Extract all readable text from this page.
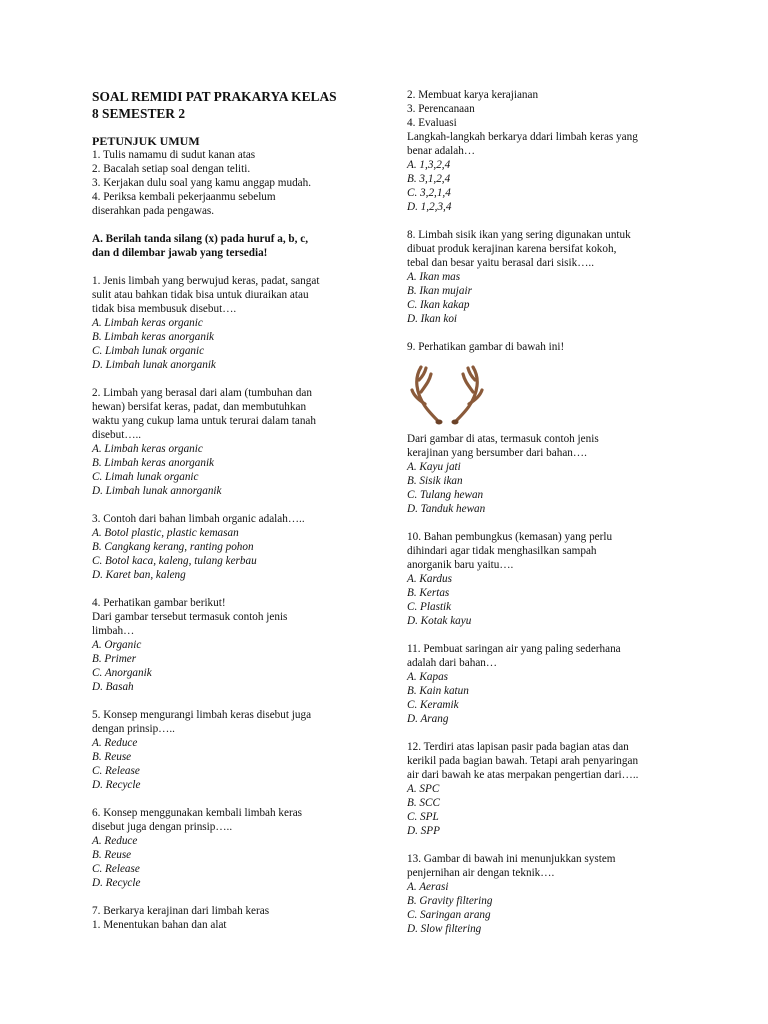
SOAL REMIDI PAT PRAKARYA KELAS
8 SEMESTER 2
PETUNJUK UMUM
1. Tulis namamu di sudut kanan atas
2. Bacalah setiap soal dengan teliti.
3. Kerjakan dulu soal yang kamu anggap mudah.
4. Periksa kembali pekerjaanmu sebelum
diserahkan pada pengawas.
A. Berilah tanda silang (x) pada huruf a, b, c,
dan d dilembar jawab yang tersedia!
1. Jenis limbah yang berwujud keras, padat, sangat
sulit atau bahkan tidak bisa untuk diuraikan atau
tidak bisa membusuk disebut….
A. Limbah keras organic
B. Limbah keras anorganik
C. Limbah lunak organic
D. Limbah lunak anorganik
2. Limbah yang berasal dari alam (tumbuhan dan
hewan) bersifat keras, padat, dan membutuhkan
waktu yang cukup lama untuk terurai dalam tanah
disebut…..
A. Limbah keras organic
B. Limbah keras anorganik
C. Limah lunak organic
D. Limbah lunak annorganik
3. Contoh dari bahan limbah organic adalah…..
A. Botol plastic, plastic kemasan
B. Cangkang kerang, ranting pohon
C. Botol kaca, kaleng, tulang kerbau
D. Karet ban, kaleng
4. Perhatikan gambar berikut!
Dari gambar tersebut termasuk contoh jenis
limbah…
A. Organic
B. Primer
C. Anorganik
D. Basah
5. Konsep mengurangi limbah keras disebut juga
dengan prinsip…..
A. Reduce
B. Reuse
C. Release
D. Recycle
6. Konsep menggunakan kembali limbah keras
disebut juga dengan prinsip…..
A. Reduce
B. Reuse
C. Release
D. Recycle
7. Berkarya kerajinan dari limbah keras
1. Menentukan bahan dan alat
2. Membuat karya kerajianan
3. Perencanaan
4. Evaluasi
Langkah-langkah berkarya ddari limbah keras yang
benar adalah…
A. 1,3,2,4
B. 3,1,2,4
C. 3,2,1,4
D. 1,2,3,4
8. Limbah sisik ikan yang sering digunakan untuk
dibuat produk kerajinan karena bersifat kokoh,
tebal dan besar yaitu berasal dari sisik…..
A. Ikan mas
B. Ikan mujair
C. Ikan kakap
D. Ikan koi
9. Perhatikan gambar di bawah ini!
Dari gambar di atas, termasuk contoh jenis
kerajinan yang bersumber dari bahan….
A. Kayu jati
B. Sisik ikan
C. Tulang hewan
D. Tanduk hewan
10. Bahan pembungkus (kemasan) yang perlu
dihindari agar tidak menghasilkan sampah
anorganik baru yaitu….
A. Kardus
B. Kertas
C. Plastik
D. Kotak kayu
11. Pembuat saringan air yang paling sederhana
adalah dari bahan…
A. Kapas
B. Kain katun
C. Keramik
D. Arang
12. Terdiri atas lapisan pasir pada bagian atas dan
kerikil pada bagian bawah. Tetapi arah penyaringan
air dari bawah ke atas merpakan pengertian dari…..
A. SPC
B. SCC
C. SPL
D. SPP
13. Gambar di bawah ini menunjukkan system
penjernihan air dengan teknik….
A. Aerasi
B. Gravity filtering
C. Saringan arang
D. Slow filtering
